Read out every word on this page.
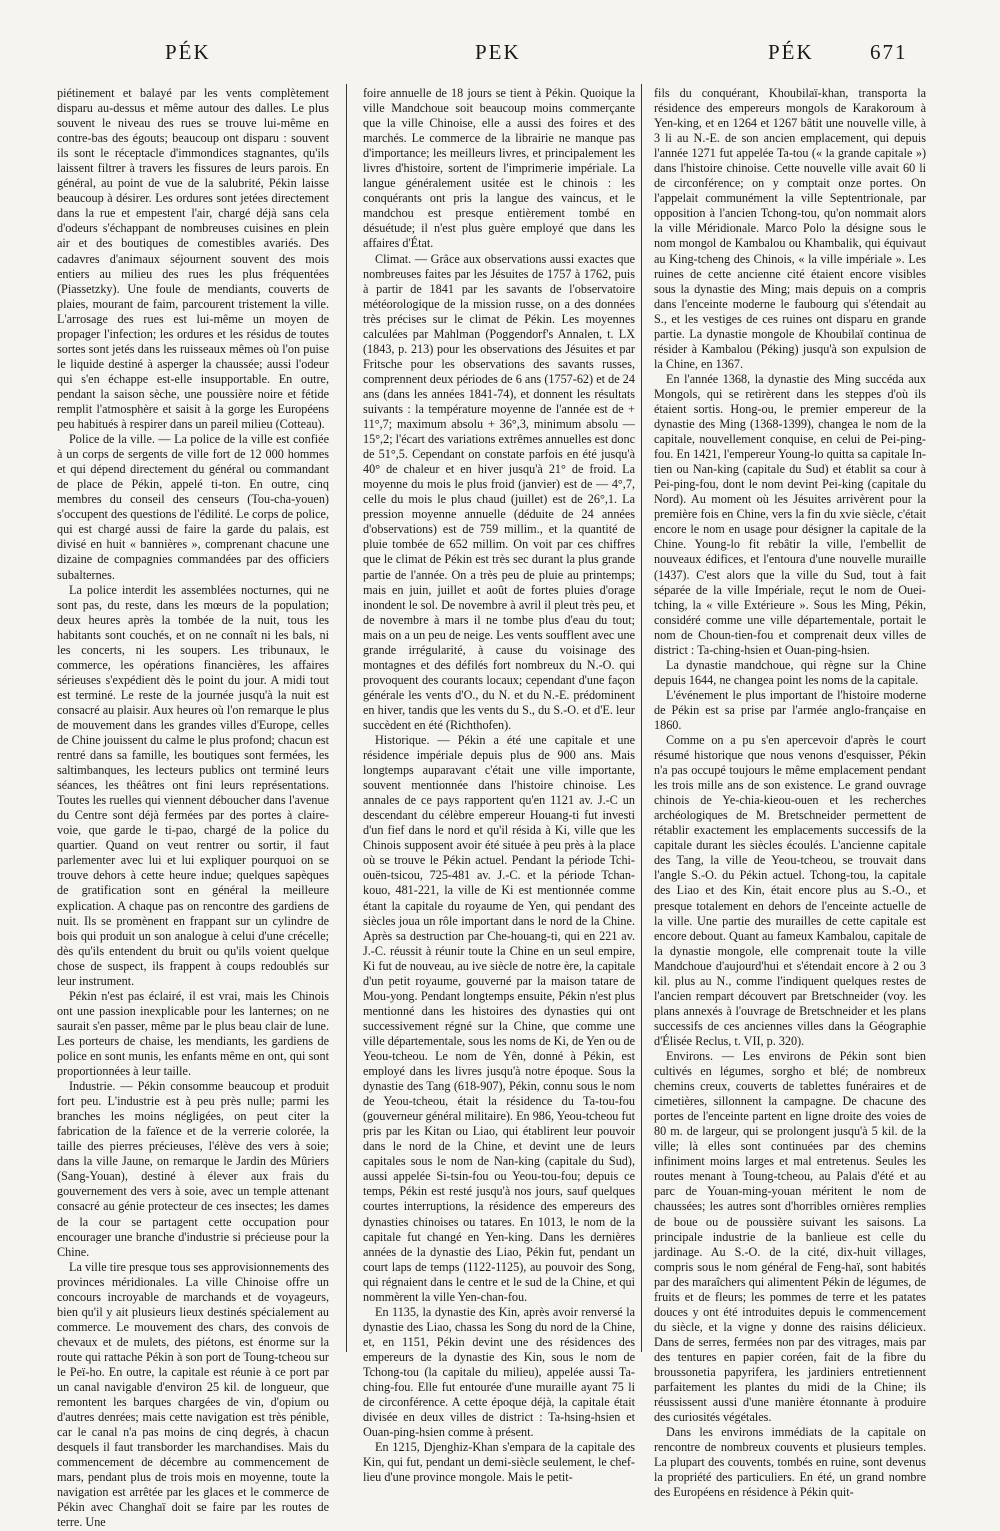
PÉK	PEK	PÉK	671

piétinement et balayé par les vents complètement disparu au-dessus et même autour des dalles. Le plus souvent le niveau des rues se trouve lui-même en contre-bas des égouts; beaucoup ont disparu : souvent ils sont le réceptacle d'immondices stagnantes, qu'ils laissent filtrer à travers les fissures de leurs parois. En général, au point de vue de la salubrité, Pékin laisse beaucoup à désirer. Les ordures sont jetées directement dans la rue et empestent l'air, chargé déjà sans cela d'odeurs s'échappant de nombreuses cuisines en plein air et des boutiques de comestibles avariés. Des cadavres d'animaux séjournent souvent des mois entiers au milieu des rues les plus fréquentées (Piassetzky). Une foule de mendiants, couverts de plaies, mourant de faim, parcourent tristement la ville. L'arrosage des rues est lui-même un moyen de propager l'infection; les ordures et les résidus de toutes sortes sont jetés dans les ruisseaux mêmes où l'on puise le liquide destiné à asperger la chaussée; aussi l'odeur qui s'en échappe est-elle insupportable. En outre, pendant la saison sèche, une poussière noire et fétide remplit l'atmosphère et saisit à la gorge les Européens peu habitués à respirer dans un pareil milieu (Cotteau).

Police de la ville. — La police de la ville est confiée à un corps de sergents de ville fort de 12 000 hommes et qui dépend directement du général ou commandant de place de Pékin, appelé ti-ton. En outre, cinq membres du conseil des censeurs (Tou-cha-youen) s'occupent des questions de l'édilité. Le corps de police, qui est chargé aussi de faire la garde du palais, est divisé en huit « bannières », comprenant chacune une dizaine de compagnies commandées par des officiers subalternes.

La police interdit les assemblées nocturnes, qui ne sont pas, du reste, dans les mœurs de la population; deux heures après la tombée de la nuit, tous les habitants sont couchés, et on ne connaît ni les bals, ni les concerts, ni les soupers. Les tribunaux, le commerce, les opérations financières, les affaires sérieuses s'expédient dès le point du jour. A midi tout est terminé. Le reste de la journée jusqu'à la nuit est consacré au plaisir. Aux heures où l'on remarque le plus de mouvement dans les grandes villes d'Europe, celles de Chine jouissent du calme le plus profond; chacun est rentré dans sa famille, les boutiques sont fermées, les saltimbanques, les lecteurs publics ont terminé leurs séances, les théâtres ont fini leurs représentations. Toutes les ruelles qui viennent déboucher dans l'avenue du Centre sont déjà fermées par des portes à claire-voie, que garde le ti-pao, chargé de la police du quartier. Quand on veut rentrer ou sortir, il faut parlementer avec lui et lui expliquer pourquoi on se trouve dehors à cette heure indue; quelques sapèques de gratification sont en général la meilleure explication. A chaque pas on rencontre des gardiens de nuit. Ils se promènent en frappant sur un cylindre de bois qui produit un son analogue à celui d'une crécelle; dès qu'ils entendent du bruit ou qu'ils voient quelque chose de suspect, ils frappent à coups redoublés sur leur instrument.

Pékin n'est pas éclairé, il est vrai, mais les Chinois ont une passion inexplicable pour les lanternes; on ne saurait s'en passer, même par le plus beau clair de lune. Les porteurs de chaise, les mendiants, les gardiens de police en sont munis, les enfants même en ont, qui sont proportionnées à leur taille.

Industrie. — Pékin consomme beaucoup et produit fort peu. L'industrie est à peu près nulle; parmi les branches les moins négligées, on peut citer la fabrication de la faïence et de la verrerie colorée, la taille des pierres précieuses, l'élève des vers à soie; dans la ville Jaune, on remarque le Jardin des Mûriers (Sang-Youan), destiné à élever aux frais du gouvernement des vers à soie, avec un temple attenant consacré au génie protecteur de ces insectes; les dames de la cour se partagent cette occupation pour encourager une branche d'industrie si précieuse pour la Chine.

La ville tire presque tous ses approvisionnements des provinces méridionales. La ville Chinoise offre un concours incroyable de marchands et de voyageurs, bien qu'il y ait plusieurs lieux destinés spécialement au commerce. Le mouvement des chars, des convois de chevaux et de mulets, des piétons, est énorme sur la route qui rattache Pékin à son port de Toung-tcheou sur le Peï-ho. En outre, la capitale est réunie à ce port par un canal navigable d'environ 25 kil. de longueur, que remontent les barques chargées de vin, d'opium ou d'autres denrées; mais cette navigation est très pénible, car le canal n'a pas moins de cinq degrés, à chacun desquels il faut transborder les marchandises. Mais du commencement de décembre au commencement de mars, pendant plus de trois mois en moyenne, toute la navigation est arrêtée par les glaces et le commerce de Pékin avec Changhaï doit se faire par les routes de terre. Une

foire annuelle de 18 jours se tient à Pékin. Quoique la ville Mandchoue soit beaucoup moins commerçante que la ville Chinoise, elle a aussi des foires et des marchés. Le commerce de la librairie ne manque pas d'importance; les meilleurs livres, et principalement les livres d'histoire, sortent de l'imprimerie impériale. La langue généralement usitée est le chinois : les conquérants ont pris la langue des vaincus, et le mandchou est presque entièrement tombé en désuétude; il n'est plus guère employé que dans les affaires d'État.

Climat. — Grâce aux observations aussi exactes que nombreuses faites par les Jésuites de 1757 à 1762, puis à partir de 1841 par les savants de l'observatoire météorologique de la mission russe, on a des données très précises sur le climat de Pékin. Les moyennes calculées par Mahlman (Poggendorf's Annalen, t. LX (1843, p. 213) pour les observations des Jésuites et par Fritsche pour les observations des savants russes, comprennent deux périodes de 6 ans (1757-62) et de 24 ans (dans les années 1841-74), et donnent les résultats suivants : la température moyenne de l'année est de + 11°,7; maximum absolu + 36°,3, minimum absolu — 15°,2; l'écart des variations extrêmes annuelles est donc de 51°,5. Cependant on constate parfois en été jusqu'à 40° de chaleur et en hiver jusqu'à 21° de froid. La moyenne du mois le plus froid (janvier) est de — 4°,7, celle du mois le plus chaud (juillet) est de 26°,1. La pression moyenne annuelle (déduite de 24 années d'observations) est de 759 millim., et la quantité de pluie tombée de 652 millim. On voit par ces chiffres que le climat de Pékin est très sec durant la plus grande partie de l'année. On a très peu de pluie au printemps; mais en juin, juillet et août de fortes pluies d'orage inondent le sol. De novembre à avril il pleut très peu, et de novembre à mars il ne tombe plus d'eau du tout; mais on a un peu de neige. Les vents soufflent avec une grande irrégularité, à cause du voisinage des montagnes et des défilés fort nombreux du N.-O. qui provoquent des courants locaux; cependant d'une façon générale les vents d'O., du N. et du N.-E. prédominent en hiver, tandis que les vents du S., du S.-O. et d'E. leur succèdent en été (Richthofen).

Historique. — Pékin a été une capitale et une résidence impériale depuis plus de 900 ans. Mais longtemps auparavant c'était une ville importante, souvent mentionnée dans l'histoire chinoise. Les annales de ce pays rapportent qu'en 1121 av. J.-C un descendant du célèbre empereur Houang-ti fut investi d'un fief dans le nord et qu'il résida à Ki, ville que les Chinois supposent avoir été située à peu près à la place où se trouve le Pékin actuel. Pendant la période Tchi-ouën-tsicou, 725-481 av. J.-C. et la période Tchan-kouo, 481-221, la ville de Ki est mentionnée comme étant la capitale du royaume de Yen, qui pendant des siècles joua un rôle important dans le nord de la Chine. Après sa destruction par Che-houang-ti, qui en 221 av. J.-C. réussit à réunir toute la Chine en un seul empire, Ki fut de nouveau, au ive siècle de notre ère, la capitale d'un petit royaume, gouverné par la maison tatare de Mou-yong. Pendant longtemps ensuite, Pékin n'est plus mentionné dans les histoires des dynasties qui ont successivement régné sur la Chine, que comme une ville départementale, sous les noms de Ki, de Yen ou de Yeou-tcheou. Le nom de Yên, donné à Pékin, est employé dans les livres jusqu'à notre époque. Sous la dynastie des Tang (618-907), Pékin, connu sous le nom de Yeou-tcheou, était la résidence du Ta-tou-fou (gouverneur général militaire). En 986, Yeou-tcheou fut pris par les Kitan ou Liao, qui établirent leur pouvoir dans le nord de la Chine, et devint une de leurs capitales sous le nom de Nan-king (capitale du Sud), aussi appelée Si-tsin-fou ou Yeou-tou-fou; depuis ce temps, Pékin est resté jusqu'à nos jours, sauf quelques courtes interruptions, la résidence des empereurs des dynasties chinoises ou tatares. En 1013, le nom de la capitale fut changé en Yen-king. Dans les dernières années de la dynastie des Liao, Pékin fut, pendant un court laps de temps (1122-1125), au pouvoir des Song, qui régnaient dans le centre et le sud de la Chine, et qui nommèrent la ville Yen-chan-fou.

En 1135, la dynastie des Kin, après avoir renversé la dynastie des Liao, chassa les Song du nord de la Chine, et, en 1151, Pékin devint une des résidences des empereurs de la dynastie des Kin, sous le nom de Tchong-tou (la capitale du milieu), appelée aussi Ta-ching-fou. Elle fut entourée d'une muraille ayant 75 li de circonférence. A cette époque déjà, la capitale était divisée en deux villes de district : Ta-hsing-hsien et Ouan-ping-hsien comme à présent.

En 1215, Djenghiz-Khan s'empara de la capitale des Kin, qui fut, pendant un demi-siècle seulement, le chef-lieu d'une province mongole. Mais le petit-

fils du conquérant, Khoubilaï-khan, transporta la résidence des empereurs mongols de Karakoroum à Yen-king, et en 1264 et 1267 bâtit une nouvelle ville, à 3 li au N.-E. de son ancien emplacement, qui depuis l'année 1271 fut appelée Ta-tou (« la grande capitale ») dans l'histoire chinoise. Cette nouvelle ville avait 60 li de circonférence; on y comptait onze portes. On l'appelait communément la ville Septentrionale, par opposition à l'ancien Tchong-tou, qu'on nommait alors la ville Méridionale. Marco Polo la désigne sous le nom mongol de Kambalou ou Khambalik, qui équivaut au King-tcheng des Chinois, « la ville impériale ». Les ruines de cette ancienne cité étaient encore visibles sous la dynastie des Ming; mais depuis on a compris dans l'enceinte moderne le faubourg qui s'étendait au S., et les vestiges de ces ruines ont disparu en grande partie. La dynastie mongole de Khoubilaï continua de résider à Kambalou (Péking) jusqu'à son expulsion de la Chine, en 1367.

En l'année 1368, la dynastie des Ming succéda aux Mongols, qui se retirèrent dans les steppes d'où ils étaient sortis. Hong-ou, le premier empereur de la dynastie des Ming (1368-1399), changea le nom de la capitale, nouvellement conquise, en celui de Pei-ping-fou. En 1421, l'empereur Young-lo quitta sa capitale In-tien ou Nan-king (capitale du Sud) et établit sa cour à Pei-ping-fou, dont le nom devint Pei-king (capitale du Nord). Au moment où les Jésuites arrivèrent pour la première fois en Chine, vers la fin du xvie siècle, c'était encore le nom en usage pour désigner la capitale de la Chine. Young-lo fit rebâtir la ville, l'embellit de nouveaux édifices, et l'entoura d'une nouvelle muraille (1437). C'est alors que la ville du Sud, tout à fait séparée de la ville Impériale, reçut le nom de Ouei-tching, la « ville Extérieure ». Sous les Ming, Pékin, considéré comme une ville départementale, portait le nom de Choun-tien-fou et comprenait deux villes de district : Ta-ching-hsien et Ouan-ping-hsien.

La dynastie mandchoue, qui règne sur la Chine depuis 1644, ne changea point les noms de la capitale.

L'événement le plus important de l'histoire moderne de Pékin est sa prise par l'armée anglo-française en 1860.

Comme on a pu s'en apercevoir d'après le court résumé historique que nous venons d'esquisser, Pékin n'a pas occupé toujours le même emplacement pendant les trois mille ans de son existence. Le grand ouvrage chinois de Ye-chia-kieou-ouen et les recherches archéologiques de M. Bretschneider permettent de rétablir exactement les emplacements successifs de la capitale durant les siècles écoulés. L'ancienne capitale des Tang, la ville de Yeou-tcheou, se trouvait dans l'angle S.-O. du Pékin actuel. Tchong-tou, la capitale des Liao et des Kin, était encore plus au S.-O., et presque totalement en dehors de l'enceinte actuelle de la ville. Une partie des murailles de cette capitale est encore debout. Quant au fameux Kambalou, capitale de la dynastie mongole, elle comprenait toute la ville Mandchoue d'aujourd'hui et s'étendait encore à 2 ou 3 kil. plus au N., comme l'indiquent quelques restes de l'ancien rempart découvert par Bretschneider (voy. les plans annexés à l'ouvrage de Bretschneider et les plans successifs de ces anciennes villes dans la Géographie d'Élisée Reclus, t. VII, p. 320).

Environs. — Les environs de Pékin sont bien cultivés en légumes, sorgho et blé; de nombreux chemins creux, couverts de tablettes funéraires et de cimetières, sillonnent la campagne. De chacune des portes de l'enceinte partent en ligne droite des voies de 80 m. de largeur, qui se prolongent jusqu'à 5 kil. de la ville; là elles sont continuées par des chemins infiniment moins larges et mal entretenus. Seules les routes menant à Toung-tcheou, au Palais d'été et au parc de Youan-ming-youan méritent le nom de chaussées; les autres sont d'horribles ornières remplies de boue ou de poussière suivant les saisons. La principale industrie de la banlieue est celle du jardinage. Au S.-O. de la cité, dix-huit villages, compris sous le nom général de Feng-haï, sont habités par des maraîchers qui alimentent Pékin de légumes, de fruits et de fleurs; les pommes de terre et les patates douces y ont été introduites depuis le commencement du siècle, et la vigne y donne des raisins délicieux. Dans de serres, fermées non par des vitrages, mais par des tentures en papier coréen, fait de la fibre du broussonetia papyrifera, les jardiniers entretiennent parfaitement les plantes du midi de la Chine; ils réussissent aussi d'une manière étonnante à produire des curiosités végétales.

Dans les environs immédiats de la capitale on rencontre de nombreux couvents et plusieurs temples. La plupart des couvents, tombés en ruine, sont devenus la propriété des particuliers. En été, un grand nombre des Européens en résidence à Pékin quit-
